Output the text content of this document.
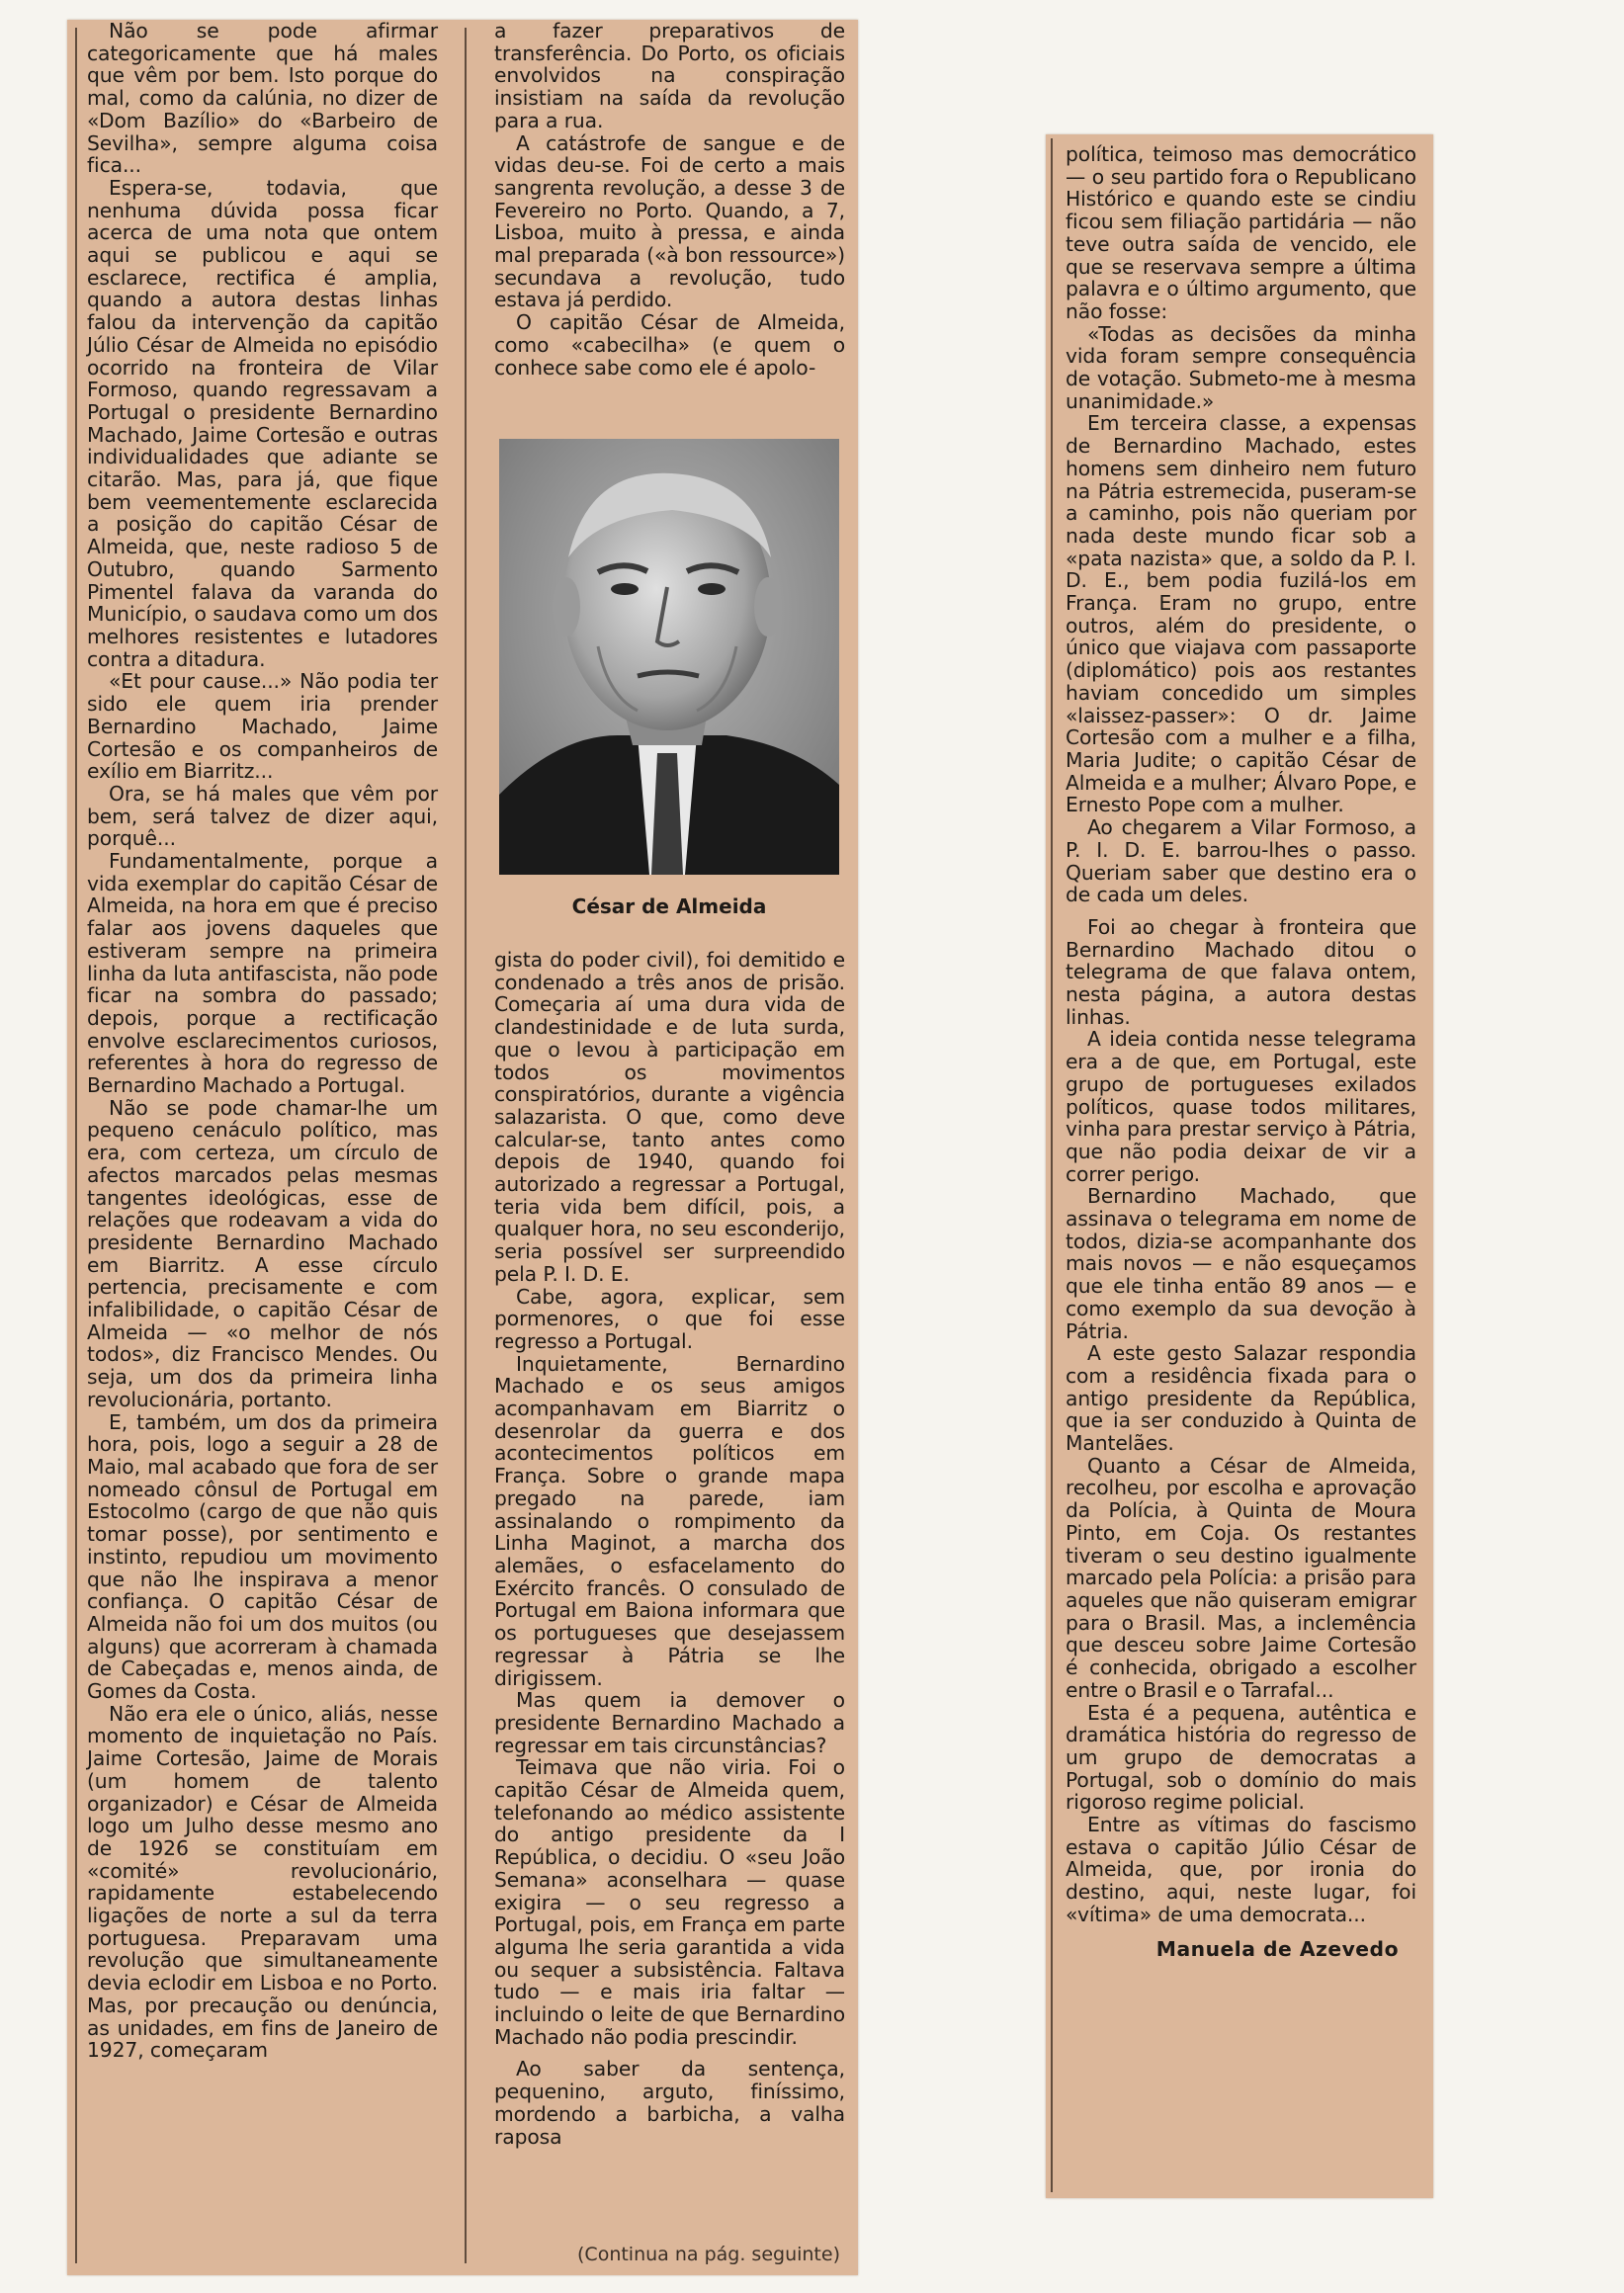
Não se pode afirmar categoricamente que há males que vêm por bem. Isto porque do mal, como da calúnia, no dizer de «Dom Bazílio» do «Barbeiro de Sevilha», sempre alguma coisa fica...

Espera-se, todavia, que nenhuma dúvida possa ficar acerca de uma nota que ontem aqui se publicou e aqui se esclarece, rectifica é amplia, quando a autora destas linhas falou da intervenção da capitão Júlio César de Almeida no episódio ocorrido na fronteira de Vilar Formoso, quando regressavam a Portugal o presidente Bernardino Machado, Jaime Cortesão e outras individualidades que adiante se citarão. Mas, para já, que fique bem veementemente esclarecida a posição do capitão César de Almeida, que, neste radioso 5 de Outubro, quando Sarmento Pimentel falava da varanda do Município, o saudava como um dos melhores resistentes e lutadores contra a ditadura.

«Et pour cause...» Não podia ter sido ele quem iria prender Bernardino Machado, Jaime Cortesão e os companheiros de exílio em Biarritz...

Ora, se há males que vêm por bem, será talvez de dizer aqui, porquê...

Fundamentalmente, porque a vida exemplar do capitão César de Almeida, na hora em que é preciso falar aos jovens daqueles que estiveram sempre na primeira linha da luta antifascista, não pode ficar na sombra do passado; depois, porque a rectificação envolve esclarecimentos curiosos, referentes à hora do regresso de Bernardino Machado a Portugal.

Não se pode chamar-lhe um pequeno cenáculo político, mas era, com certeza, um círculo de afectos marcados pelas mesmas tangentes ideológicas, esse de relações que rodeavam a vida do presidente Bernardino Machado em Biarritz. A esse círculo pertencia, precisamente e com infalibilidade, o capitão César de Almeida — «o melhor de nós todos», diz Francisco Mendes. Ou seja, um dos da primeira linha revolucionária, portanto.

E, também, um dos da primeira hora, pois, logo a seguir a 28 de Maio, mal acabado que fora de ser nomeado cônsul de Portugal em Estocolmo (cargo de que não quis tomar posse), por sentimento e instinto, repudiou um movimento que não lhe inspirava a menor confiança. O capitão César de Almeida não foi um dos muitos (ou alguns) que acorreram à chamada de Cabeçadas e, menos ainda, de Gomes da Costa.

Não era ele o único, aliás, nesse momento de inquietação no País. Jaime Cortesão, Jaime de Morais (um homem de talento organizador) e César de Almeida logo um Julho desse mesmo ano de 1926 se constituíam em «comité» revolucionário, rapidamente estabelecendo ligações de norte a sul da terra portuguesa. Preparavam uma revolução que simultaneamente devia eclodir em Lisboa e no Porto. Mas, por precaução ou denúncia, as unidades, em fins de Janeiro de 1927, começaram

a fazer preparativos de transferência. Do Porto, os oficiais envolvidos na conspiração insistiam na saída da revolução para a rua.

A catástrofe de sangue e de vidas deu-se. Foi de certo a mais sangrenta revolução, a desse 3 de Fevereiro no Porto. Quando, a 7, Lisboa, muito à pressa, e ainda mal preparada («à bon ressource») secundava a revolução, tudo estava já perdido.

O capitão César de Almeida, como «cabecilha» (e quem o conhece sabe como ele é apolo-

César de Almeida

gista do poder civil), foi demitido e condenado a três anos de prisão. Começaria aí uma dura vida de clandestinidade e de luta surda, que o levou à participação em todos os movimentos conspiratórios, durante a vigência salazarista. O que, como deve calcular-se, tanto antes como depois de 1940, quando foi autorizado a regressar a Portugal, teria vida bem difícil, pois, a qualquer hora, no seu esconderijo, seria possível ser surpreendido pela P. I. D. E.

Cabe, agora, explicar, sem pormenores, o que foi esse regresso a Portugal.

Inquietamente, Bernardino Machado e os seus amigos acompanhavam em Biarritz o desenrolar da guerra e dos acontecimentos políticos em França. Sobre o grande mapa pregado na parede, iam assinalando o rompimento da Linha Maginot, a marcha dos alemães, o esfacelamento do Exército francês. O consulado de Portugal em Baiona informara que os portugueses que desejassem regressar à Pátria se lhe dirigissem.

Mas quem ia demover o presidente Bernardino Machado a regressar em tais circunstâncias?

Teimava que não viria. Foi o capitão César de Almeida quem, telefonando ao médico assistente do antigo presidente da I República, o decidiu. O «seu João Semana» aconselhara — quase exigira — o seu regresso a Portugal, pois, em França em parte alguma lhe seria garantida a vida ou sequer a subsistência. Faltava tudo — e mais iria faltar — incluindo o leite de que Bernardino Machado não podia prescindir.

Ao saber da sentença, pequenino, arguto, finíssimo, mordendo a barbicha, a valha raposa

(Continua na pág. seguinte)

política, teimoso mas democrático — o seu partido fora o Republicano Histórico e quando este se cindiu ficou sem filiação partidária — não teve outra saída de vencido, ele que se reservava sempre a última palavra e o último argumento, que não fosse:

«Todas as decisões da minha vida foram sempre consequência de votação. Submeto-me à mesma unanimidade.»

Em terceira classe, a expensas de Bernardino Machado, estes homens sem dinheiro nem futuro na Pátria estremecida, puseram-se a caminho, pois não queriam por nada deste mundo ficar sob a «pata nazista» que, a soldo da P. I. D. E., bem podia fuzilá-los em França. Eram no grupo, entre outros, além do presidente, o único que viajava com passaporte (diplomático) pois aos restantes haviam concedido um simples «laissez-passer»: O dr. Jaime Cortesão com a mulher e a filha, Maria Judite; o capitão César de Almeida e a mulher; Álvaro Pope, e Ernesto Pope com a mulher.

Ao chegarem a Vilar Formoso, a P. I. D. E. barrou-lhes o passo. Queriam saber que destino era o de cada um deles.

Foi ao chegar à fronteira que Bernardino Machado ditou o telegrama de que falava ontem, nesta página, a autora destas linhas.

A ideia contida nesse telegrama era a de que, em Portugal, este grupo de portugueses exilados políticos, quase todos militares, vinha para prestar serviço à Pátria, que não podia deixar de vir a correr perigo.

Bernardino Machado, que assinava o telegrama em nome de todos, dizia-se acompanhante dos mais novos — e não esqueçamos que ele tinha então 89 anos — e como exemplo da sua devoção à Pátria.

A este gesto Salazar respondia com a residência fixada para o antigo presidente da República, que ia ser conduzido à Quinta de Mantelães.

Quanto a César de Almeida, recolheu, por escolha e aprovação da Polícia, à Quinta de Moura Pinto, em Coja. Os restantes tiveram o seu destino igualmente marcado pela Polícia: a prisão para aqueles que não quiseram emigrar para o Brasil. Mas, a inclemência que desceu sobre Jaime Cortesão é conhecida, obrigado a escolher entre o Brasil e o Tarrafal...

Esta é a pequena, autêntica e dramática história do regresso de um grupo de democratas a Portugal, sob o domínio do mais rigoroso regime policial.

Entre as vítimas do fascismo estava o capitão Júlio César de Almeida, que, por ironia do destino, aqui, neste lugar, foi «vítima» de uma democrata...

Manuela de Azevedo
